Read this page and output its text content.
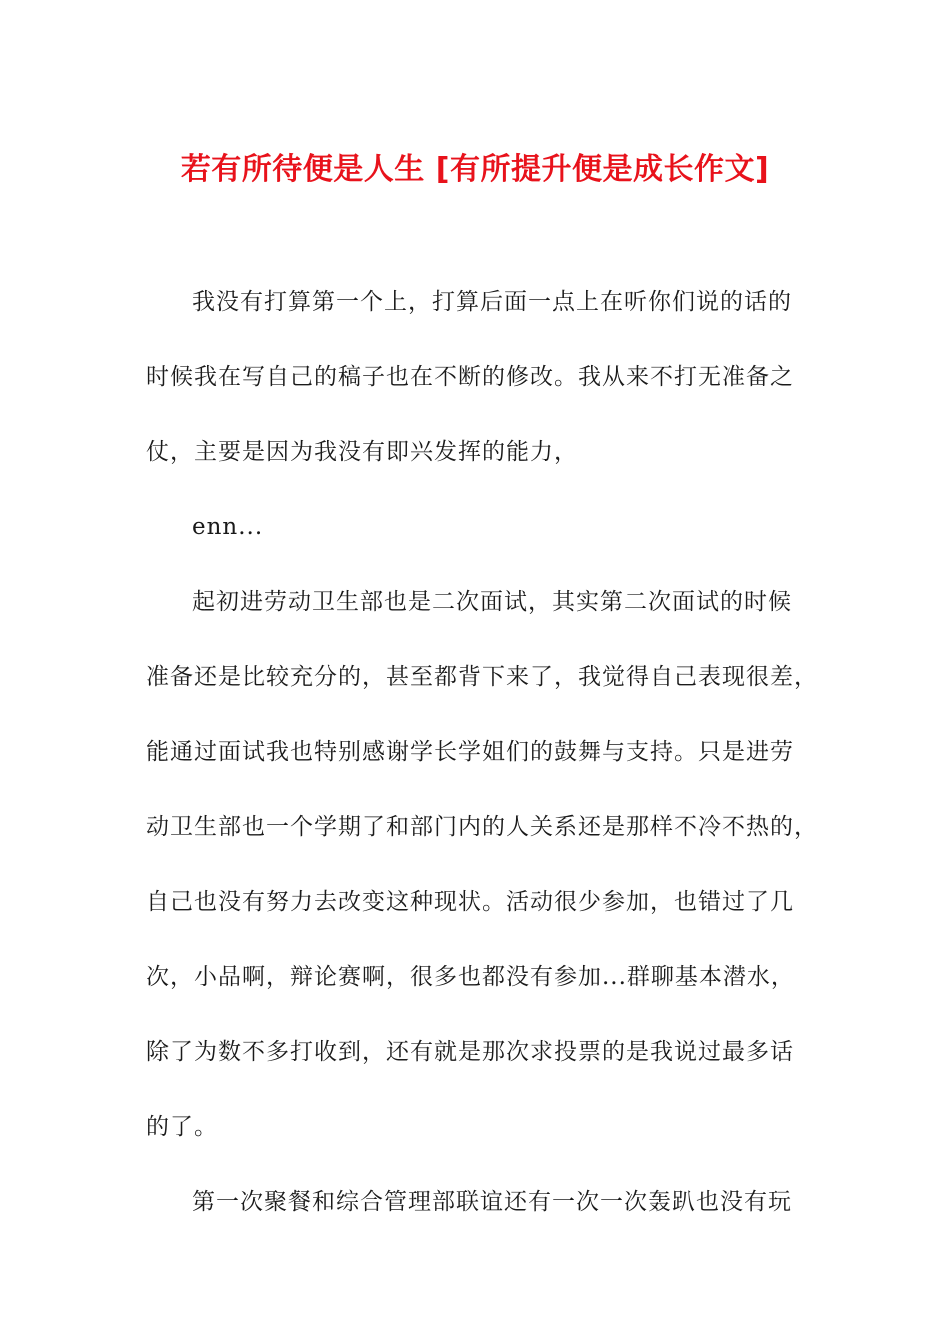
若有所待便是人生 [有所提升便是成长作文]
我没有打算第一个上，打算后面一点上在听你们说的话的
时候我在写自己的稿子也在不断的修改。我从来不打无准备之
仗，主要是因为我没有即兴发挥的能力，
enn...
起初进劳动卫生部也是二次面试，其实第二次面试的时候
准备还是比较充分的，甚至都背下来了，我觉得自己表现很差，
能通过面试我也特别感谢学长学姐们的鼓舞与支持。只是进劳
动卫生部也一个学期了和部门内的人关系还是那样不冷不热的，
自己也没有努力去改变这种现状。活动很少参加，也错过了几
次，小品啊，辩论赛啊，很多也都没有参加...群聊基本潜水，
除了为数不多打收到，还有就是那次求投票的是我说过最多话
的了。
第一次聚餐和综合管理部联谊还有一次一次轰趴也没有玩
